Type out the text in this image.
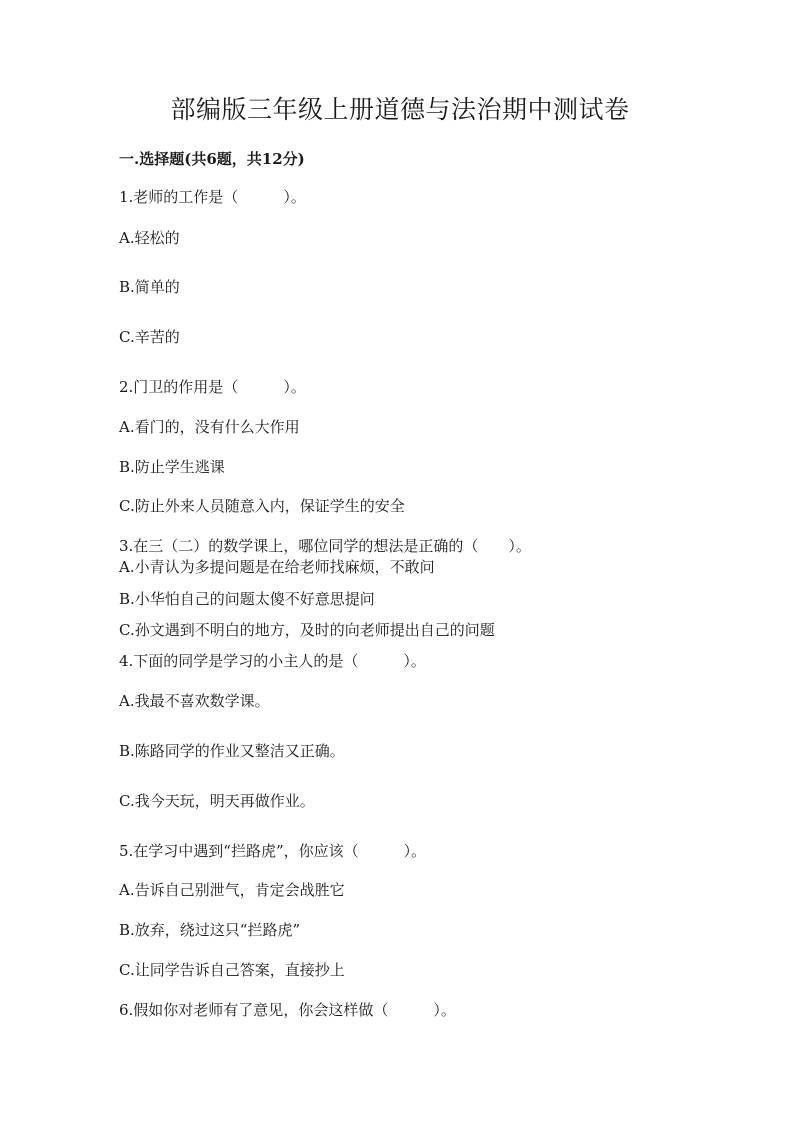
部编版三年级上册道德与法治期中测试卷
一.选择题(共6题，共12分)
1.老师的工作是（　　　）。
A.轻松的
B.简单的
C.辛苦的
2.门卫的作用是（　　　）。
A.看门的，没有什么大作用
B.防止学生逃课
C.防止外来人员随意入内，保证学生的安全
3.在三（二）的数学课上，哪位同学的想法是正确的（　　）。
A.小青认为多提问题是在给老师找麻烦，不敢问
B.小华怕自己的问题太傻不好意思提问
C.孙文遇到不明白的地方，及时的向老师提出自己的问题
4.下面的同学是学习的小主人的是（　　　）。
A.我最不喜欢数学课。
B.陈路同学的作业又整洁又正确。
C.我今天玩，明天再做作业。
5.在学习中遇到“拦路虎”，你应该（　　　）。
A.告诉自己别泄气，肯定会战胜它
B.放弃，绕过这只“拦路虎”
C.让同学告诉自己答案，直接抄上
6.假如你对老师有了意见，你会这样做（　　　）。
